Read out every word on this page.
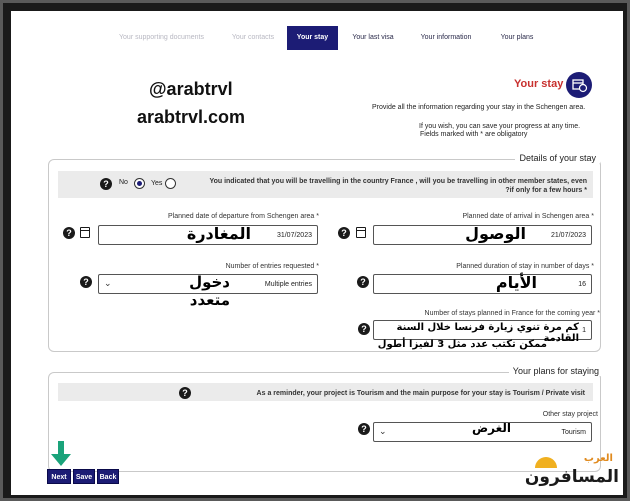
Your supporting documents	Your contacts	Your stay	Your last visa	Your information	Your plans
@arabtrvl
arabtrvl.com
Your stay
Provide all the information regarding your stay in the Schengen area.
If you wish, you can save your progress at any time.
Fields marked with * are obligatory
Details of your stay
?	No	Yes	You indicated that you will be travelling in the country France , will you be travelling in other member states, even
?if only for a few hours *
Planned date of arrival in Schengen area *
?	21/07/2023
الوصول
Planned date of departure from Schengen area *
?	31/07/2023
المغادرة
Planned duration of stay in number of days *
?	16
الأيام
Number of entries requested *
?	⌄	Multiple entries
دخول متعدد
Number of stays planned in France for the coming year *
?	1
كم مرة تنوي زيارة فرنسا خلال السنة القادمة
ممكن تكتب عدد مثل 3 لفيزا أطول
Your plans for staying
As a reminder, your project is Tourism and the main purpose for your stay is Tourism / Private visit
?
Other stay project
?	⌄	Tourism
الغرض
Next	Save	Back
العرب
المسافرون
